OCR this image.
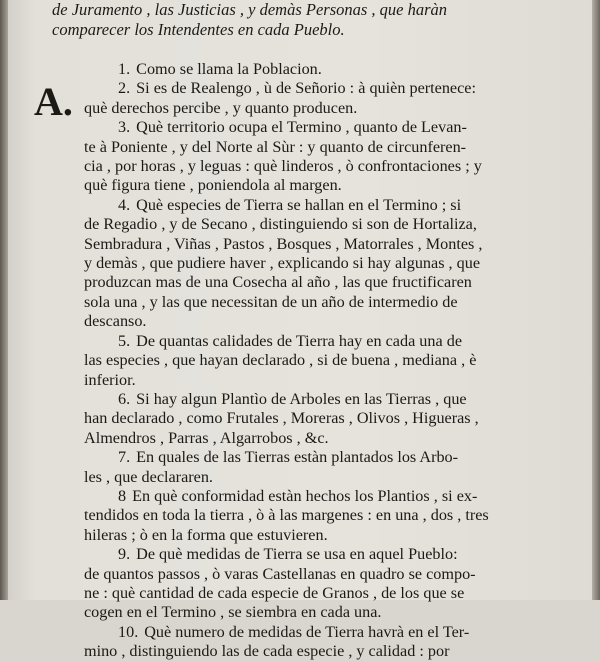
de Juramento , las Justicias , y demàs Personas , que haràn
comparecer los Intendentes en cada Pueblo.
A.
1. Como se llama la Poblacion.
2. Si es de Realengo , ù de Señorio : à quièn pertenece:
què derechos percibe , y quanto producen.
3. Què territorio ocupa el Termino , quanto de Levan-
te à Poniente , y del Norte al Sùr : y quanto de circunferen-
cia , por horas , y leguas : què linderos , ò confrontaciones ; y
què figura tiene , poniendola al margen.
4. Què especies de Tierra se hallan en el Termino ; si
de Regadio , y de Secano , distinguiendo si son de Hortaliza,
Sembradura , Viñas , Pastos , Bosques , Matorrales , Montes ,
y demàs , que pudiere haver , explicando si hay algunas , que
produzcan mas de una Cosecha al año , las que fructificaren
sola una , y las que necessitan de un año de intermedio de
descanso.
5. De quantas calidades de Tierra hay en cada una de
las especies , que hayan declarado , si de buena , mediana , è
inferior.
6. Si hay algun Plantìo de Arboles en las Tierras , que
han declarado , como Frutales , Moreras , Olivos , Higueras ,
Almendros , Parras , Algarrobos , &c.
7. En quales de las Tierras estàn plantados los Arbo-
les , que declararen.
8 En què conformidad estàn hechos los Plantios , si ex-
tendidos en toda la tierra , ò à las margenes : en una , dos , tres
hileras ; ò en la forma que estuvieren.
9. De què medidas de Tierra se usa en aquel Pueblo:
de quantos passos , ò varas Castellanas en quadro se compo-
ne : què cantidad de cada especie de Granos , de los que se
cogen en el Termino , se siembra en cada una.
10. Què numero de medidas de Tierra havrà en el Ter-
mino , distinguiendo las de cada especie , y calidad : por
